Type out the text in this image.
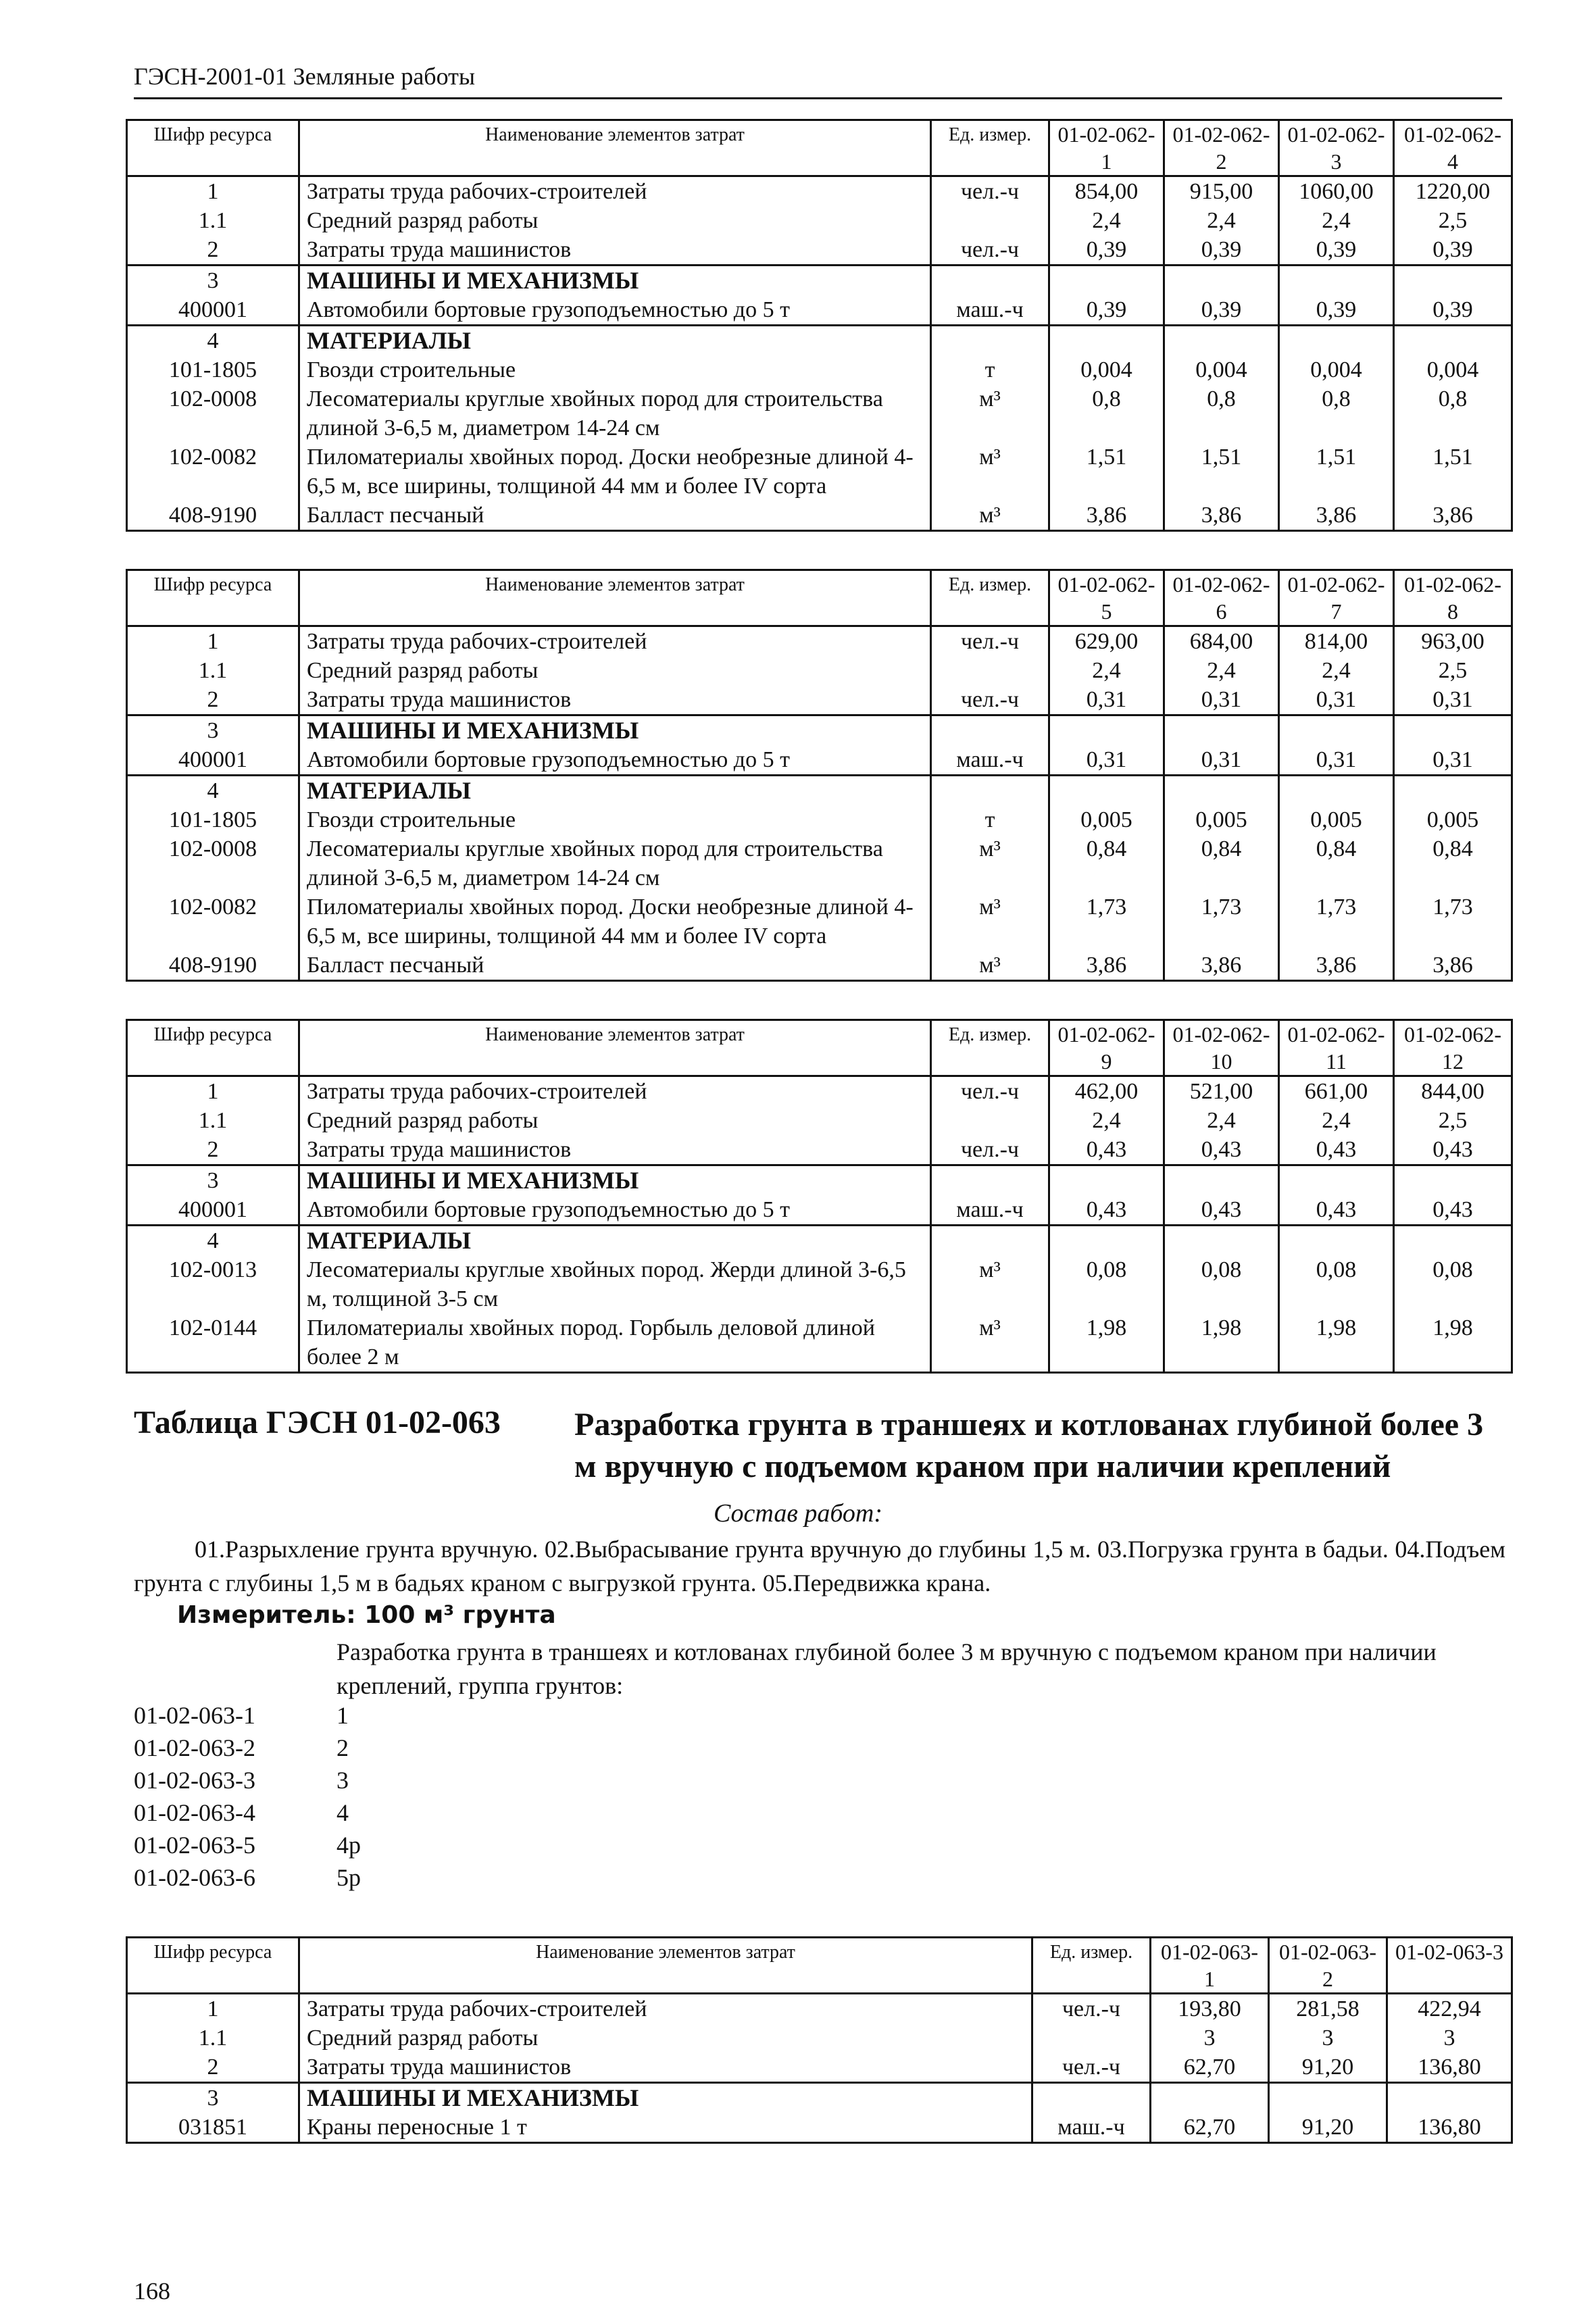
ГЭСН-2001-01 Земляные работы
Шифр ресурса	Наименование элементов затрат	Ед. измер.	01-02-062-1	01-02-062-2	01-02-062-3	01-02-062-4
1	Затраты труда рабочих-строителей	чел.-ч	854,00	915,00	1060,00	1220,00
1.1	Средний разряд работы		2,4	2,4	2,4	2,5
2	Затраты труда машинистов	чел.-ч	0,39	0,39	0,39	0,39
3	МАШИНЫ И МЕХАНИЗМЫ					
400001	Автомобили бортовые грузоподъемностью до 5 т	маш.-ч	0,39	0,39	0,39	0,39
4	МАТЕРИАЛЫ					
101-1805	Гвозди строительные	т	0,004	0,004	0,004	0,004
102-0008	Лесоматериалы круглые хвойных пород для строительства длиной 3-6,5 м, диаметром 14-24 см	м³	0,8	0,8	0,8	0,8
102-0082	Пиломатериалы хвойных пород. Доски необрезные длиной 4-6,5 м, все ширины, толщиной 44 мм и более IV сорта	м³	1,51	1,51	1,51	1,51
408-9190	Балласт песчаный	м³	3,86	3,86	3,86	3,86
Шифр ресурса	Наименование элементов затрат	Ед. измер.	01-02-062-5	01-02-062-6	01-02-062-7	01-02-062-8
1	Затраты труда рабочих-строителей	чел.-ч	629,00	684,00	814,00	963,00
1.1	Средний разряд работы		2,4	2,4	2,4	2,5
2	Затраты труда машинистов	чел.-ч	0,31	0,31	0,31	0,31
3	МАШИНЫ И МЕХАНИЗМЫ					
400001	Автомобили бортовые грузоподъемностью до 5 т	маш.-ч	0,31	0,31	0,31	0,31
4	МАТЕРИАЛЫ					
101-1805	Гвозди строительные	т	0,005	0,005	0,005	0,005
102-0008	Лесоматериалы круглые хвойных пород для строительства длиной 3-6,5 м, диаметром 14-24 см	м³	0,84	0,84	0,84	0,84
102-0082	Пиломатериалы хвойных пород. Доски необрезные длиной 4-6,5 м, все ширины, толщиной 44 мм и более IV сорта	м³	1,73	1,73	1,73	1,73
408-9190	Балласт песчаный	м³	3,86	3,86	3,86	3,86
Шифр ресурса	Наименование элементов затрат	Ед. измер.	01-02-062-9	01-02-062-10	01-02-062-11	01-02-062-12
1	Затраты труда рабочих-строителей	чел.-ч	462,00	521,00	661,00	844,00
1.1	Средний разряд работы		2,4	2,4	2,4	2,5
2	Затраты труда машинистов	чел.-ч	0,43	0,43	0,43	0,43
3	МАШИНЫ И МЕХАНИЗМЫ					
400001	Автомобили бортовые грузоподъемностью до 5 т	маш.-ч	0,43	0,43	0,43	0,43
4	МАТЕРИАЛЫ					
102-0013	Лесоматериалы круглые хвойных пород. Жерди длиной 3-6,5 м, толщиной 3-5 см	м³	0,08	0,08	0,08	0,08
102-0144	Пиломатериалы хвойных пород. Горбыль деловой длиной более 2 м	м³	1,98	1,98	1,98	1,98
Таблица ГЭСН 01-02-063 Разработка грунта в траншеях и котлованах глубиной более 3 м вручную с подъемом краном при наличии креплений
Состав работ:
01.Разрыхление грунта вручную. 02.Выбрасывание грунта вручную до глубины 1,5 м. 03.Погрузка грунта в бадьи. 04.Подъем грунта с глубины 1,5 м в бадьях краном с выгрузкой грунта. 05.Передвижка крана.
Измеритель: 100 м³ грунта
Разработка грунта в траншеях и котлованах глубиной более 3 м вручную с подъемом краном при наличии креплений, группа грунтов:
01-02-063-1	1
01-02-063-2	2
01-02-063-3	3
01-02-063-4	4
01-02-063-5	4р
01-02-063-6	5р
Шифр ресурса	Наименование элементов затрат	Ед. измер.	01-02-063-1	01-02-063-2	01-02-063-3
1	Затраты труда рабочих-строителей	чел.-ч	193,80	281,58	422,94
1.1	Средний разряд работы		3	3	3
2	Затраты труда машинистов	чел.-ч	62,70	91,20	136,80
3	МАШИНЫ И МЕХАНИЗМЫ				
031851	Краны переносные 1 т	маш.-ч	62,70	91,20	136,80
168
